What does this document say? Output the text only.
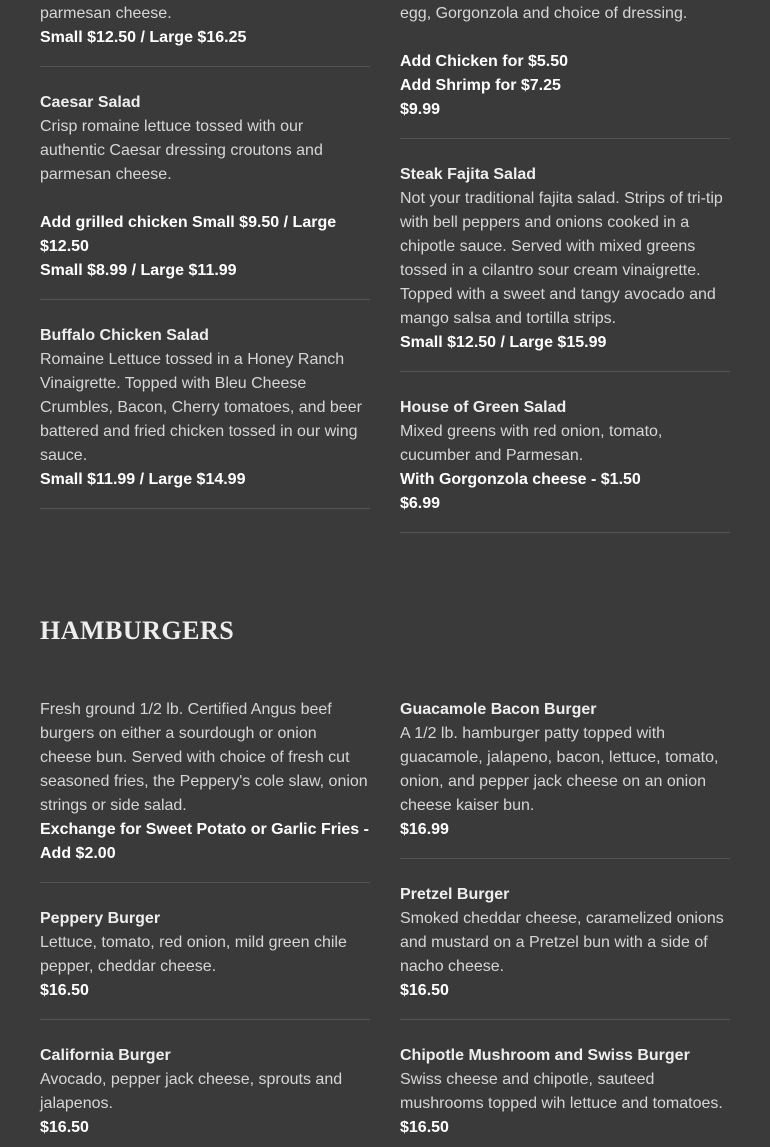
parmesan cheese.

Small $12.50 / Large $16.25

Caesar Salad

Crisp romaine lettuce tossed with our authentic Caesar dressing croutons and parmesan cheese.

Add grilled chicken Small $9.50 / Large $12.50

Small $8.99 / Large $11.99

Buffalo Chicken Salad

Romaine Lettuce tossed in a Honey Ranch Vinaigrette. Topped with Bleu Cheese Crumbles, Bacon, Cherry tomatoes, and beer battered and fried chicken tossed in our wing sauce.

Small $11.99 / Large $14.99

egg, Gorgonzola and choice of dressing.

Add Chicken for $5.50

Add Shrimp for $7.25

$9.99

Steak Fajita Salad

Not your traditional fajita salad. Strips of tri-tip with bell peppers and onions cooked in a chipotle sauce. Served with mixed greens tossed in a cilantro sour cream vinaigrette. Topped with a sweet and tangy avocado and mango salsa and tortilla strips.

Small $12.50 / Large $15.99

House of Green Salad

Mixed greens with red onion, tomato, cucumber and Parmesan.

With Gorgonzola cheese - $1.50

$6.99

HAMBURGERS

Fresh ground 1/2 lb. Certified Angus beef burgers on either a sourdough or onion cheese bun. Served with choice of fresh cut seasoned fries, the Peppery's cole slaw, onion strings or side salad.

Exchange for Sweet Potato or Garlic Fries - Add $2.00

Peppery Burger

Lettuce, tomato, red onion, mild green chile pepper, cheddar cheese.

$16.50

California Burger

Avocado, pepper jack cheese, sprouts and jalapenos.

$16.50

Guacamole Bacon Burger

A 1/2 lb. hamburger patty topped with guacamole, jalapeno, bacon, lettuce, tomato, onion, and pepper jack cheese on an onion cheese kaiser bun.

$16.99

Pretzel Burger

Smoked cheddar cheese, caramelized onions and mustard on a Pretzel bun with a side of nacho cheese.

$16.50

Chipotle Mushroom and Swiss Burger

Swiss cheese and chipotle, sauteed mushrooms topped wih lettuce and tomatoes.

$16.50
